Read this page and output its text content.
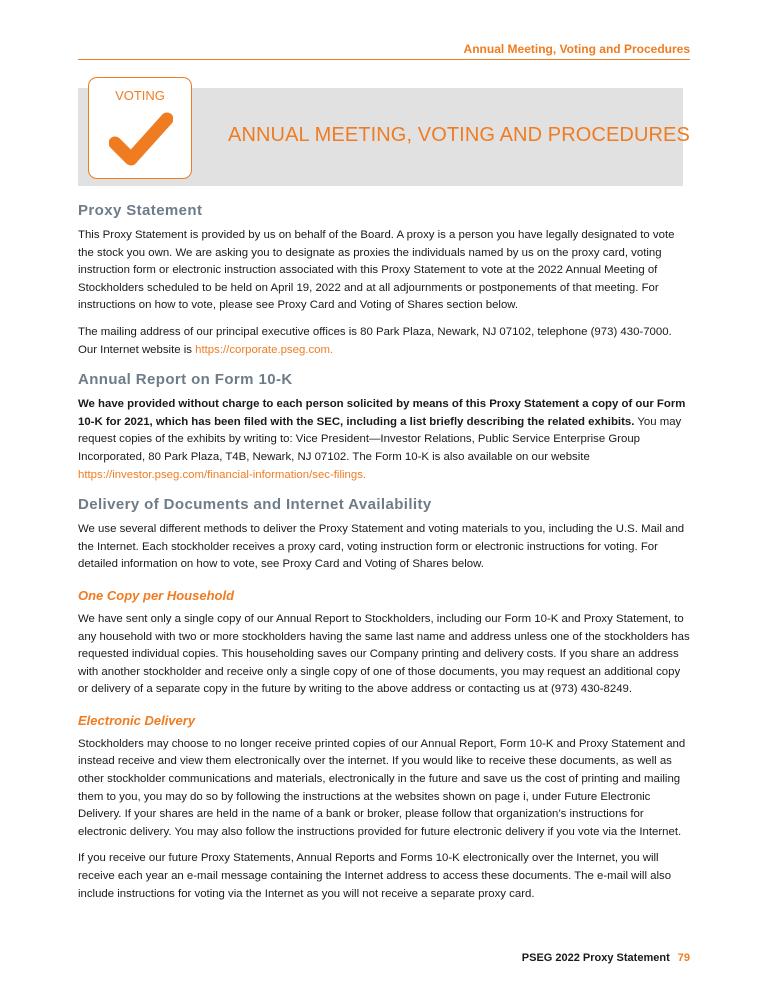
Annual Meeting, Voting and Procedures
VOTING
ANNUAL MEETING, VOTING AND PROCEDURES
Proxy Statement

This Proxy Statement is provided by us on behalf of the Board. A proxy is a person you have legally designated to vote the stock you own. We are asking you to designate as proxies the individuals named by us on the proxy card, voting instruction form or electronic instruction associated with this Proxy Statement to vote at the 2022 Annual Meeting of Stockholders scheduled to be held on April 19, 2022 and at all adjournments or postponements of that meeting. For instructions on how to vote, please see Proxy Card and Voting of Shares section below.

The mailing address of our principal executive offices is 80 Park Plaza, Newark, NJ 07102, telephone (973) 430-7000. Our Internet website is https://corporate.pseg.com.

Annual Report on Form 10-K

We have provided without charge to each person solicited by means of this Proxy Statement a copy of our Form 10-K for 2021, which has been filed with the SEC, including a list briefly describing the related exhibits. You may request copies of the exhibits by writing to: Vice President—Investor Relations, Public Service Enterprise Group Incorporated, 80 Park Plaza, T4B, Newark, NJ 07102. The Form 10-K is also available on our website https://investor.pseg.com/financial-information/sec-filings.

Delivery of Documents and Internet Availability

We use several different methods to deliver the Proxy Statement and voting materials to you, including the U.S. Mail and the Internet. Each stockholder receives a proxy card, voting instruction form or electronic instructions for voting. For detailed information on how to vote, see Proxy Card and Voting of Shares below.

One Copy per Household

We have sent only a single copy of our Annual Report to Stockholders, including our Form 10-K and Proxy Statement, to any household with two or more stockholders having the same last name and address unless one of the stockholders has requested individual copies. This householding saves our Company printing and delivery costs. If you share an address with another stockholder and receive only a single copy of one of those documents, you may request an additional copy or delivery of a separate copy in the future by writing to the above address or contacting us at (973) 430-8249.

Electronic Delivery

Stockholders may choose to no longer receive printed copies of our Annual Report, Form 10-K and Proxy Statement and instead receive and view them electronically over the internet. If you would like to receive these documents, as well as other stockholder communications and materials, electronically in the future and save us the cost of printing and mailing them to you, you may do so by following the instructions at the websites shown on page i, under Future Electronic Delivery. If your shares are held in the name of a bank or broker, please follow that organization’s instructions for electronic delivery. You may also follow the instructions provided for future electronic delivery if you vote via the Internet.

If you receive our future Proxy Statements, Annual Reports and Forms 10-K electronically over the Internet, you will receive each year an e-mail message containing the Internet address to access these documents. The e-mail will also include instructions for voting via the Internet as you will not receive a separate proxy card.

PSEG 2022 Proxy Statement 79
